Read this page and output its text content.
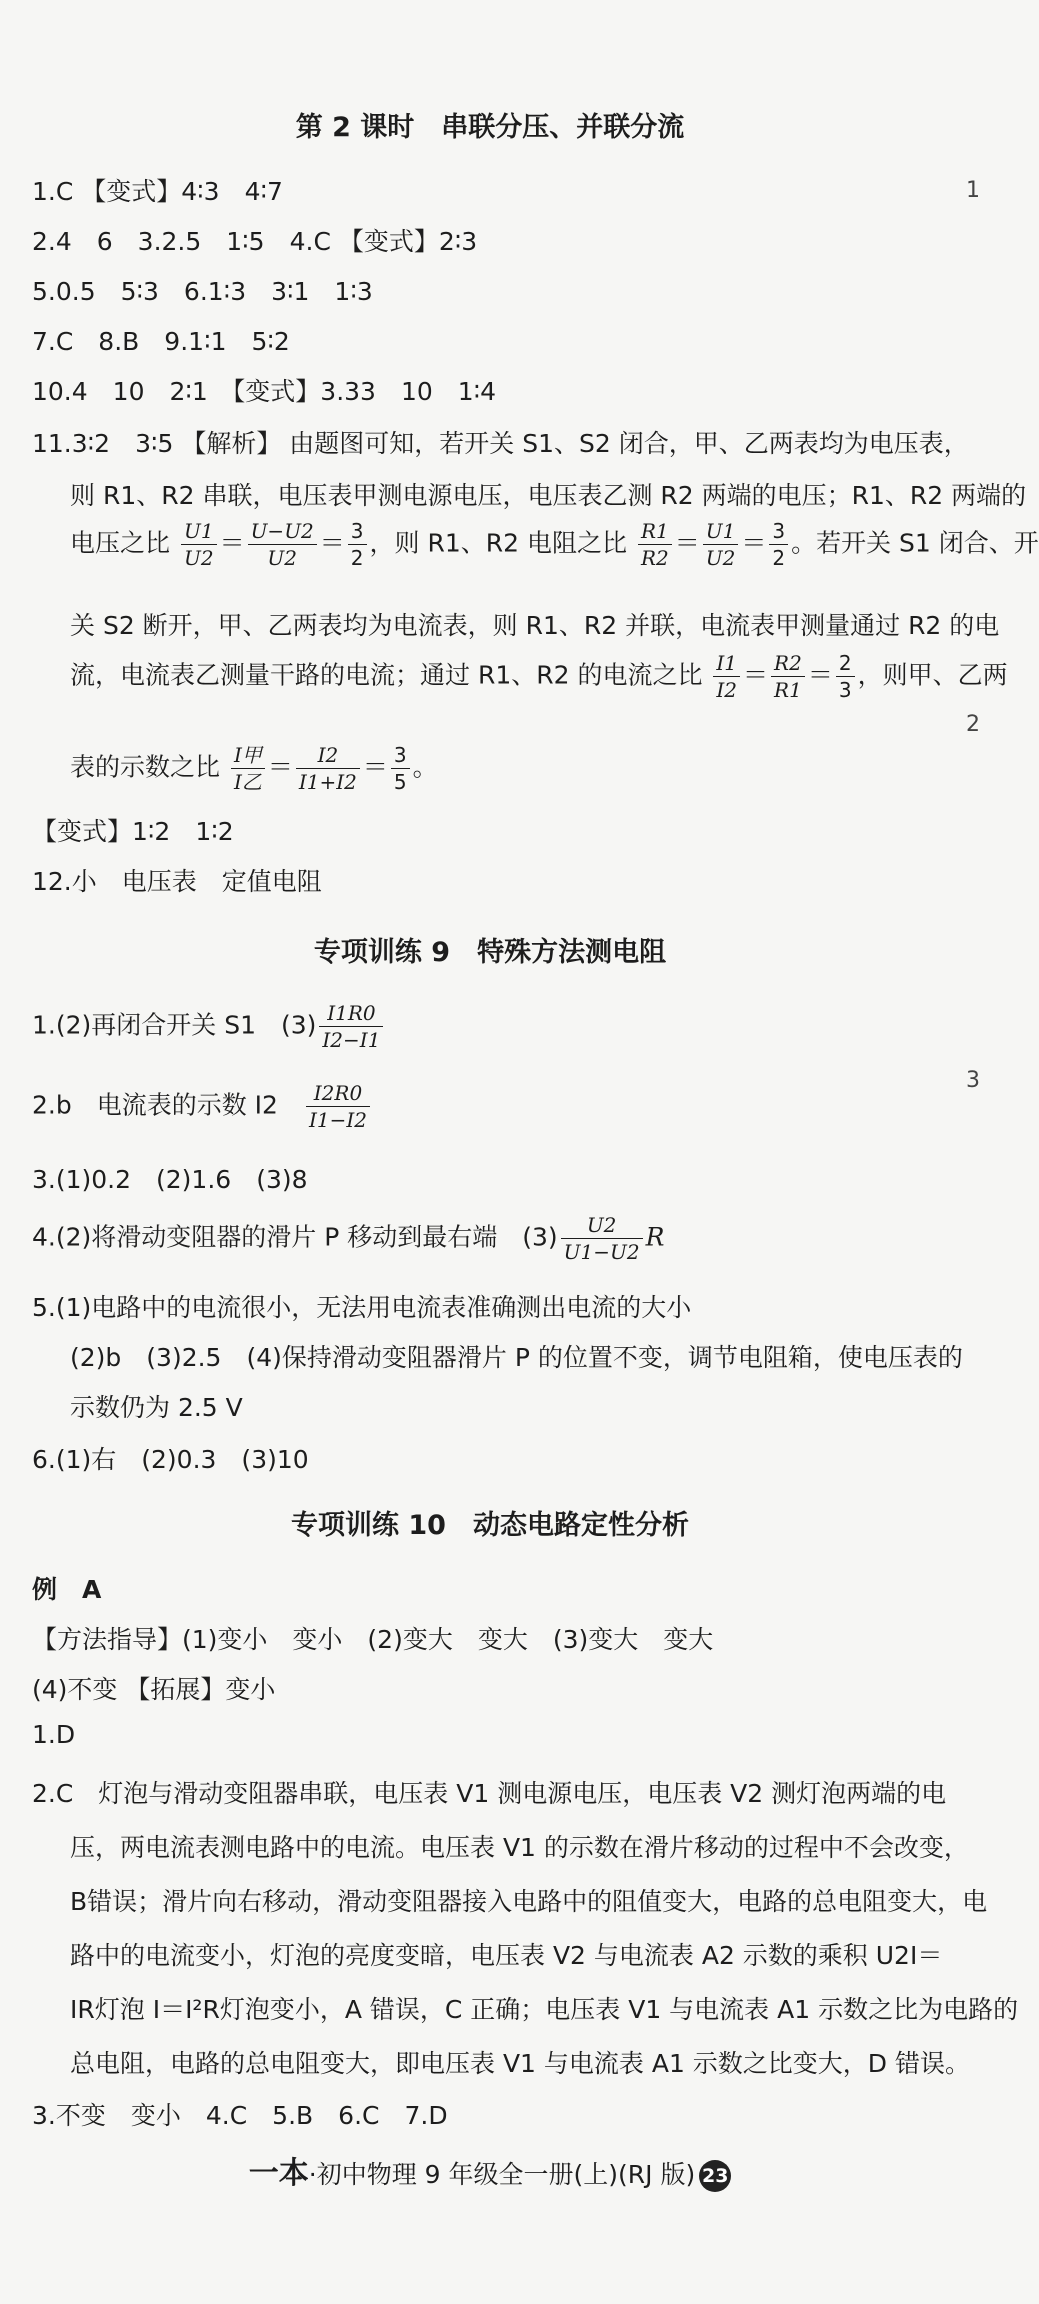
第 2 课时　串联分压、并联分流
1.C 【变式】4∶3　4∶7
2.4　6　3.2.5　1∶5　4.C 【变式】2∶3
5.0.5　5∶3　6.1∶3　3∶1　1∶3
7.C　8.B　9.1∶1　5∶2
10.4　10　2∶1　【变式】3.33　10　1∶4
11.3∶2　3∶5 【解析】 由题图可知，若开关 S1、S2 闭合，甲、乙两表均为电压表，
则 R1、R2 串联，电压表甲测电源电压，电压表乙测 R2 两端的电压；R1、R2 两端的
电压之比 $\frac{U1}{U2} = \frac{U-U2}{U2} = \frac{3}{2}$ ，则 R1、R2 电阻之比 $\frac{R1}{R2} = \frac{U1}{U2} = \frac{3}{2}$ 。若开关 S1 闭合、开
关 S2 断开，甲、乙两表均为电流表，则 R1、R2 并联，电流表甲测量通过 R2 的电
流，电流表乙测量干路的电流；通过 R1、R2 的电流之比 $\frac{I1}{I2} = \frac{R2}{R1} = \frac{2}{3}$ ，则甲、乙两
表的示数之比 I甲
I乙
＝ $\frac{I2}{I1+I2} = \frac{3}{5}$ 。
【变式】1∶2　1∶2
12.小　电压表　定值电阻
专项训练 9　特殊方法测电阻
1.(2)再闭合开关 S1　$(3) \frac{I1R0}{I2-I1}$
2.b　电流表的示数 I2　 $\frac{I2R0}{I1-I2}$
3.(1)0.2　(2)1.6　(3)8
4.(2)将滑动变阻器的滑片 P 移动到最右端　$(3) \frac{U2}{U1-U2}$ R
5.(1)电路中的电流很小，无法用电流表准确测出电流的大小
(2)b　(3)2.5　(4)保持滑动变阻器滑片 P 的位置不变，调节电阻箱，使电压表的
示数仍为 2.5 V
6.(1)右　(2)0.3　(3)10
专项训练 10　动态电路定性分析
例　A
【方法指导】(1)变小　变小　(2)变大　变大　(3)变大　变大
(4)不变 【拓展】变小
1.D
2.C　灯泡与滑动变阻器串联，电压表 V1 测电源电压，电压表 V2 测灯泡两端的电
压，两电流表测电路中的电流。电压表 V1 的示数在滑片移动的过程中不会改变，
B错误；滑片向右移动，滑动变阻器接入电路中的阻值变大，电路的总电阻变大，电
路中的电流变小，灯泡的亮度变暗，电压表 V2 与电流表 A2 示数的乘积 U2I＝
IR灯泡 I＝I²R灯泡变小，A 错误，C 正确；电压表 V1 与电流表 A1 示数之比为电路的
总电阻，电路的总电阻变大，即电压表 V1 与电流表 A1 示数之比变大，D 错误。
3.不变　变小　4.C　5.B　6.C　7.D
一本·初中物理 9 年级全一册(上)(RJ 版) 23
1
2
3
